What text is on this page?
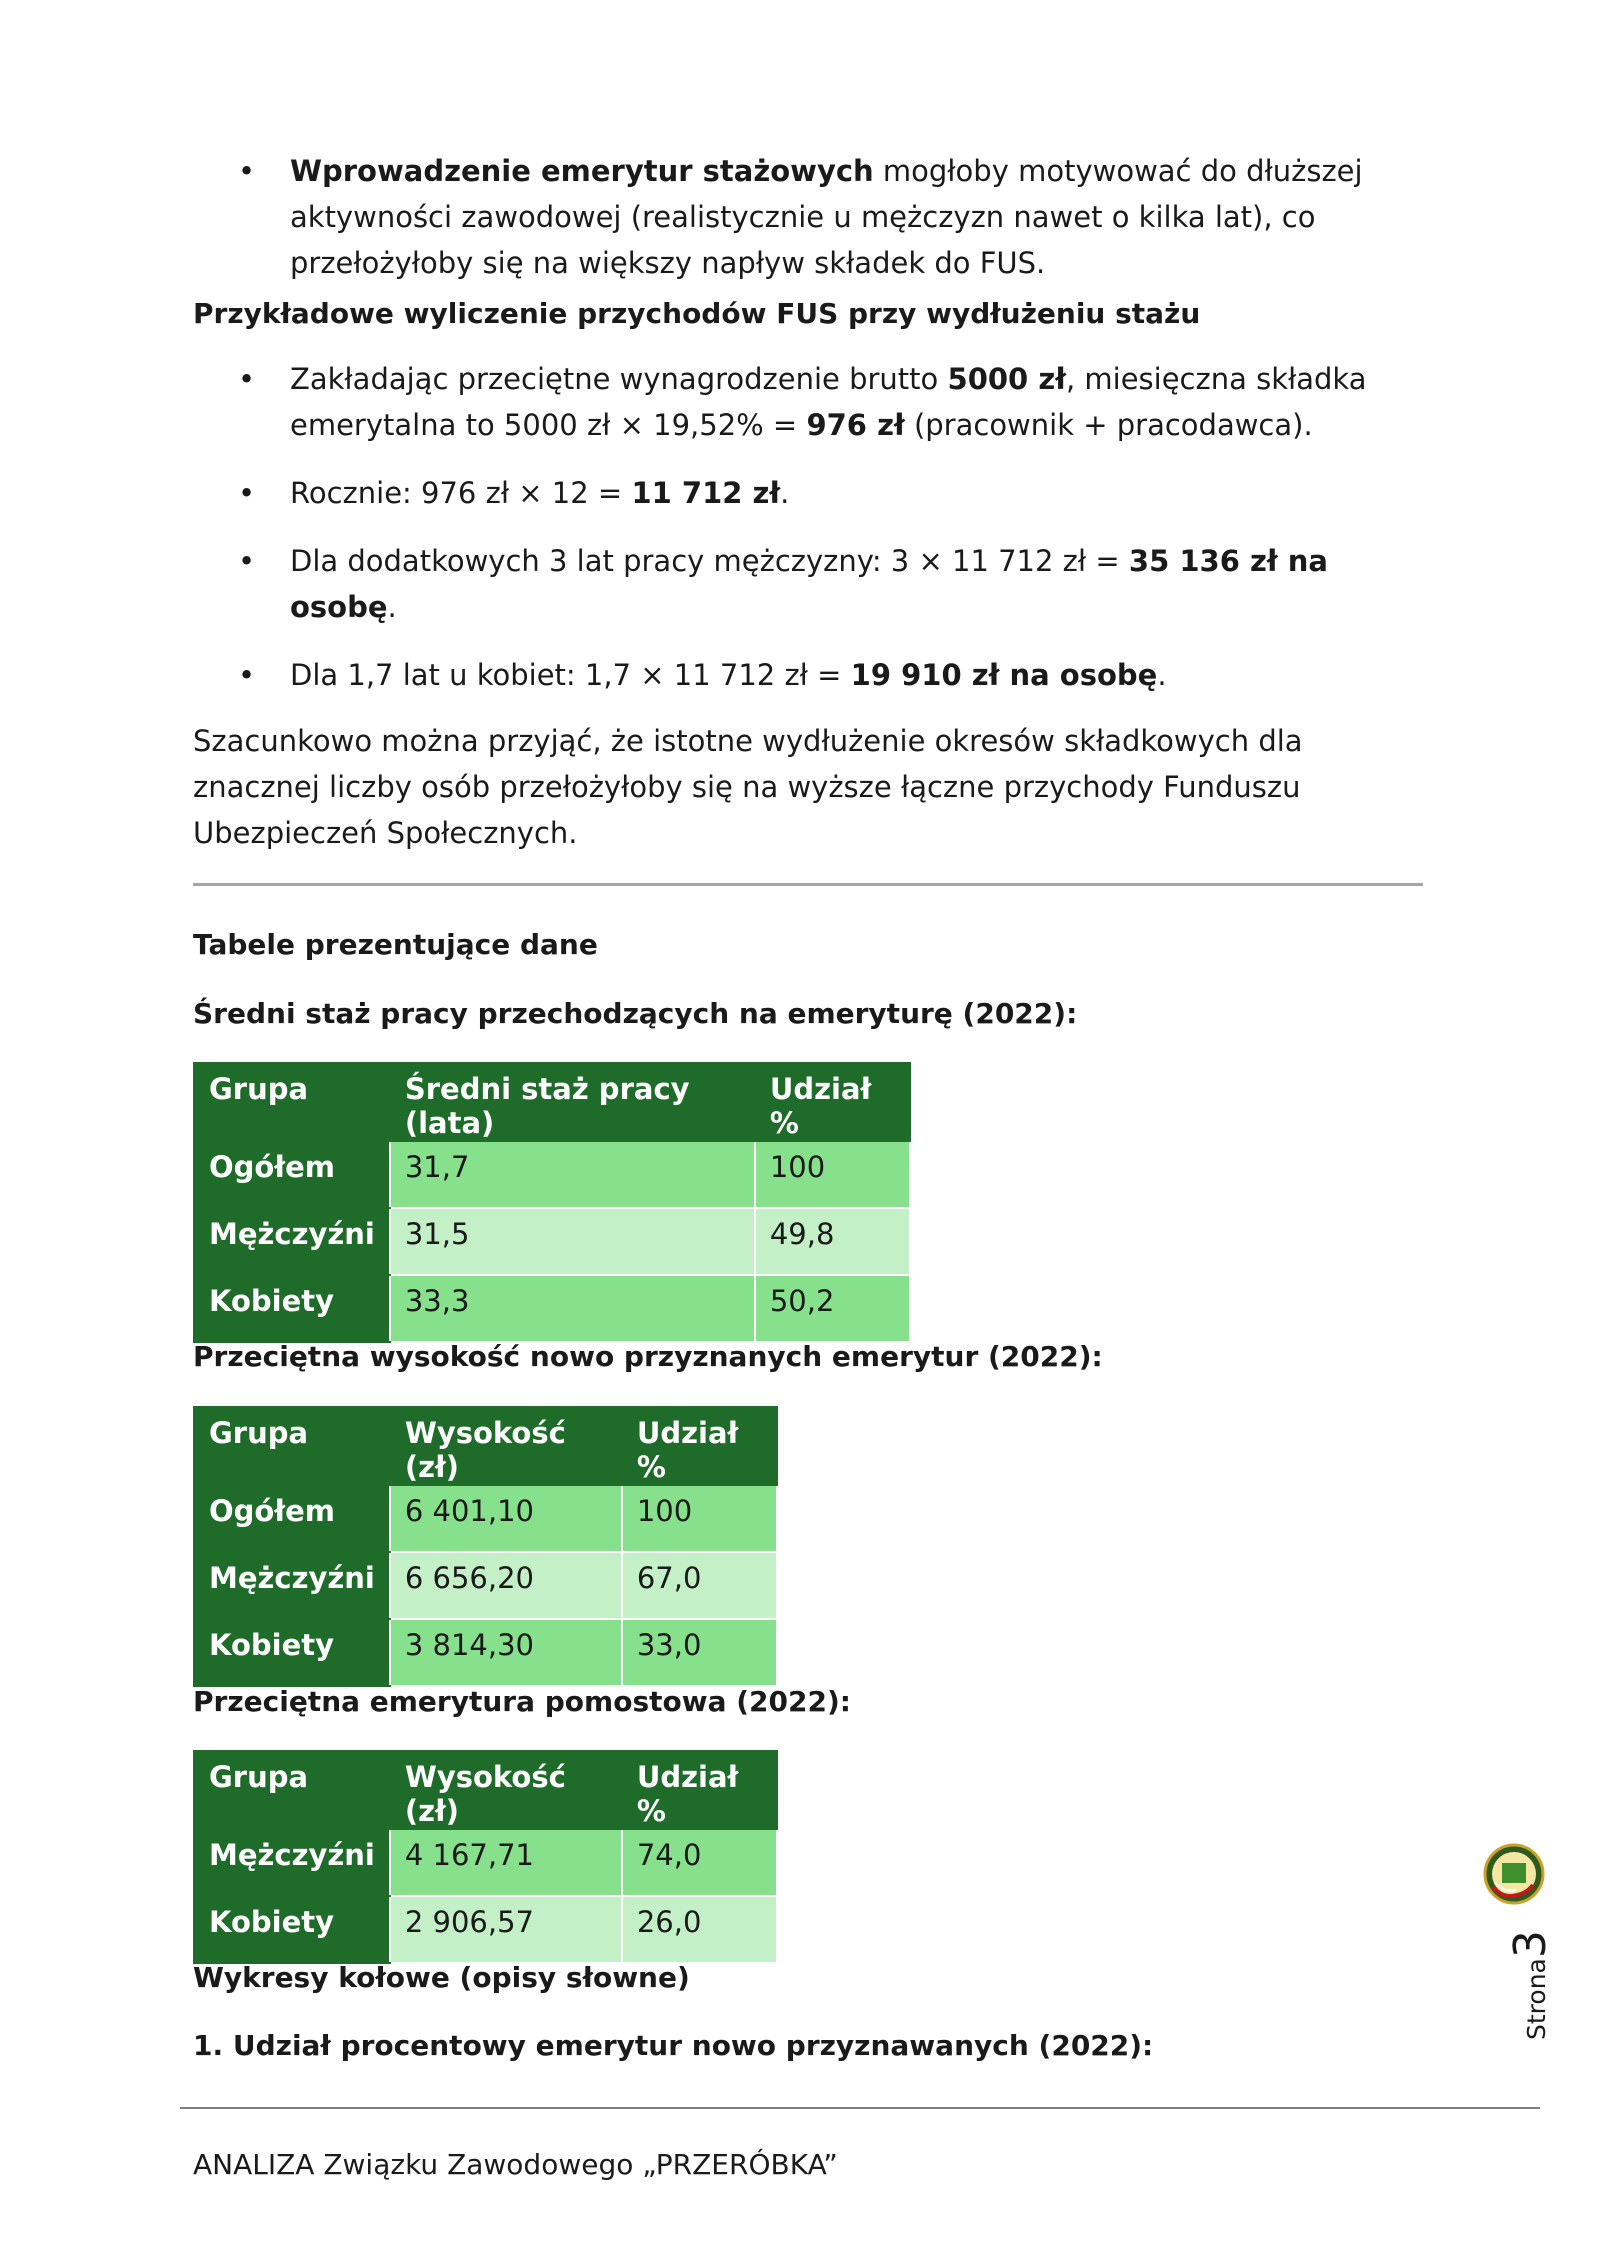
• Wprowadzenie emerytur stażowych mogłoby motywować do dłuższej aktywności zawodowej (realistycznie u mężczyzn nawet o kilka lat), co przełożyłoby się na większy napływ składek do FUS.
Przykładowe wyliczenie przychodów FUS przy wydłużeniu stażu
• Zakładając przeciętne wynagrodzenie brutto 5000 zł, miesięczna składka emerytalna to 5000 zł × 19,52% = 976 zł (pracownik + pracodawca).
• Rocznie: 976 zł × 12 = 11 712 zł.
• Dla dodatkowych 3 lat pracy mężczyzny: 3 × 11 712 zł = 35 136 zł na osobę.
• Dla 1,7 lat u kobiet: 1,7 × 11 712 zł = 19 910 zł na osobę.

Szacunkowo można przyjąć, że istotne wydłużenie okresów składkowych dla znacznej liczby osób przełożyłoby się na wyższe łączne przychody Funduszu Ubezpieczeń Społecznych.

Tabele prezentujące dane
Średni staż pracy przechodzących na emeryturę (2022):
Grupa	Średni staż pracy (lata)	Udział %
Ogółem	31,7	100
Mężczyźni	31,5	49,8
Kobiety	33,3	50,2
Przeciętna wysokość nowo przyznanych emerytur (2022):
Grupa	Wysokość (zł)	Udział %
Ogółem	6 401,10	100
Mężczyźni	6 656,20	67,0
Kobiety	3 814,30	33,0
Przeciętna emerytura pomostowa (2022):
Grupa	Wysokość (zł)	Udział %
Mężczyźni	4 167,71	74,0
Kobiety	2 906,57	26,0
Wykresy kołowe (opisy słowne)
1. Udział procentowy emerytur nowo przyznawanych (2022):
Strona3
ANALIZA Związku Zawodowego „PRZERÓBKA”
